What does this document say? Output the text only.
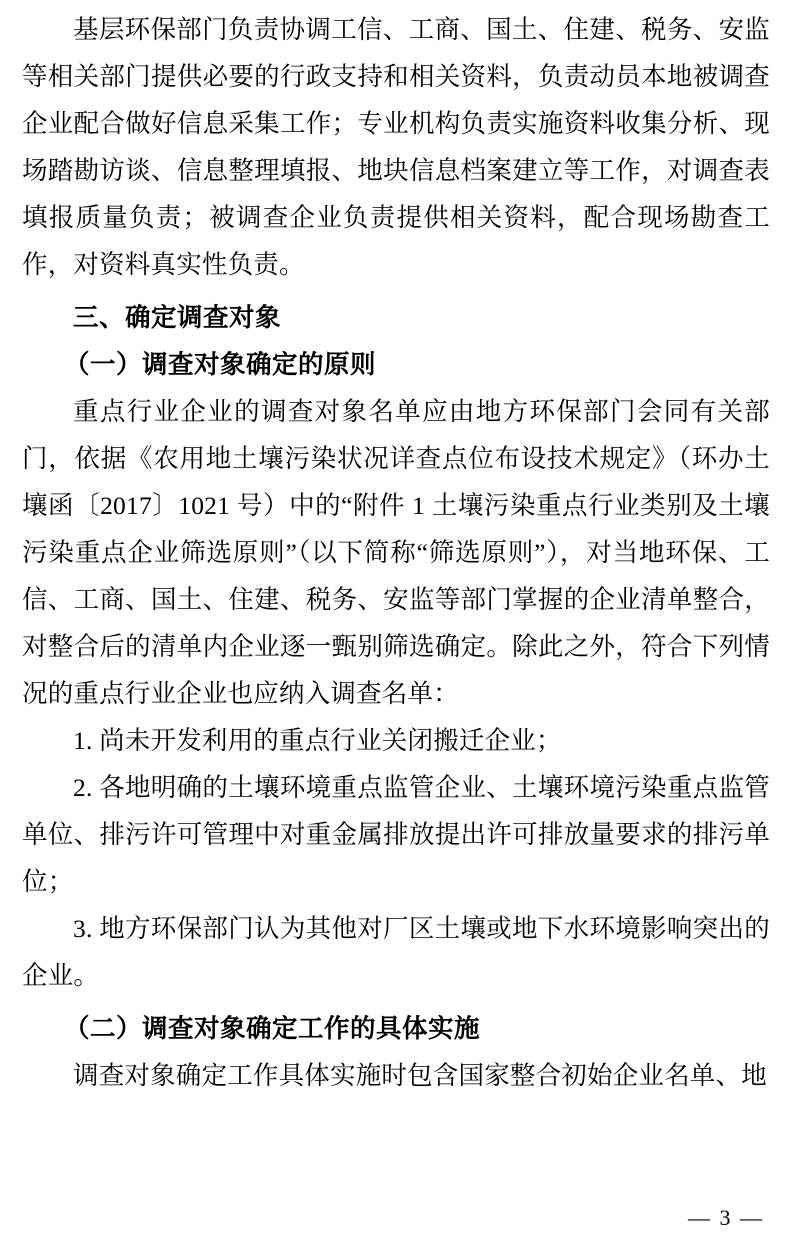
基层环保部门负责协调工信、工商、国土、住建、税务、安监等相关部门提供必要的行政支持和相关资料，负责动员本地被调查企业配合做好信息采集工作；专业机构负责实施资料收集分析、现场踏勘访谈、信息整理填报、地块信息档案建立等工作，对调查表填报质量负责；被调查企业负责提供相关资料，配合现场勘查工作，对资料真实性负责。

三、确定调查对象

（一）调查对象确定的原则

重点行业企业的调查对象名单应由地方环保部门会同有关部门，依据《农用地土壤污染状况详查点位布设技术规定》（环办土壤函〔2017〕1021 号）中的“附件 1 土壤污染重点行业类别及土壤污染重点企业筛选原则”（以下简称“筛选原则”），对当地环保、工信、工商、国土、住建、税务、安监等部门掌握的企业清单整合，对整合后的清单内企业逐一甄别筛选确定。除此之外，符合下列情况的重点行业企业也应纳入调查名单：

1. 尚未开发利用的重点行业关闭搬迁企业；

2. 各地明确的土壤环境重点监管企业、土壤环境污染重点监管单位、排污许可管理中对重金属排放提出许可排放量要求的排污单位；

3. 地方环保部门认为其他对厂区土壤或地下水环境影响突出的企业。

（二）调查对象确定工作的具体实施

调查对象确定工作具体实施时包含国家整合初始企业名单、地

— 3 —
